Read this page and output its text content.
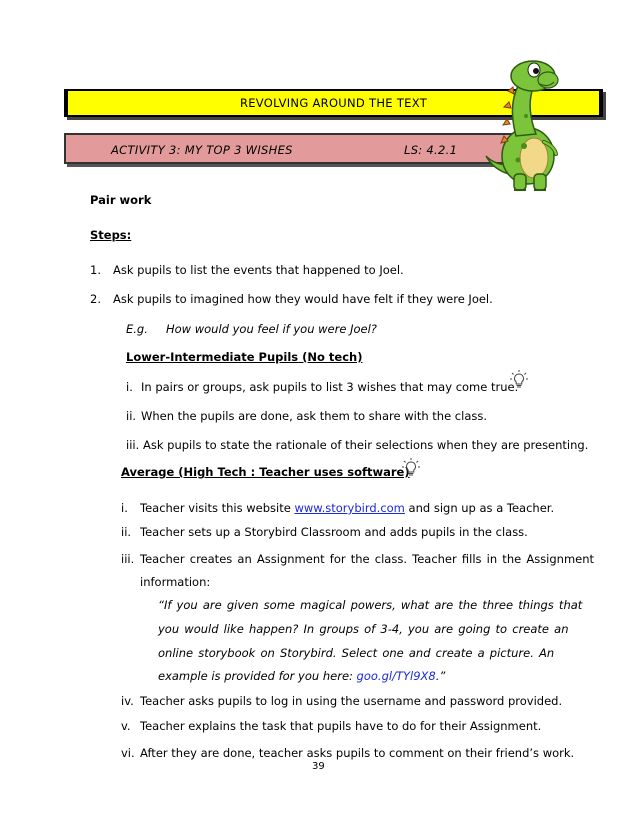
REVOLVING AROUND THE TEXT
ACTIVITY 3: MY TOP 3 WISHES	LS: 4.2.1
Pair work
Steps:
1. Ask pupils to list the events that happened to Joel.
2. Ask pupils to imagined how they would have felt if they were Joel.
E.g. How would you feel if you were Joel?
Lower-Intermediate Pupils (No tech)
i. In pairs or groups, ask pupils to list 3 wishes that may come true.
ii. When the pupils are done, ask them to share with the class.
iii. Ask pupils to state the rationale of their selections when they are presenting.
Average (High Tech : Teacher uses software)
i. Teacher visits this website www.storybird.com and sign up as a Teacher.
ii. Teacher sets up a Storybird Classroom and adds pupils in the class.
iii. Teacher creates an Assignment for the class. Teacher fills in the Assignment
information:
“If you are given some magical powers, what are the three things that
you would like happen? In groups of 3-4, you are going to create an
online storybook on Storybird. Select one and create a picture. An
example is provided for you here: goo.gl/TYl9X8.”
iv. Teacher asks pupils to log in using the username and password provided.
v. Teacher explains the task that pupils have to do for their Assignment.
vi. After they are done, teacher asks pupils to comment on their friend’s work.
39
